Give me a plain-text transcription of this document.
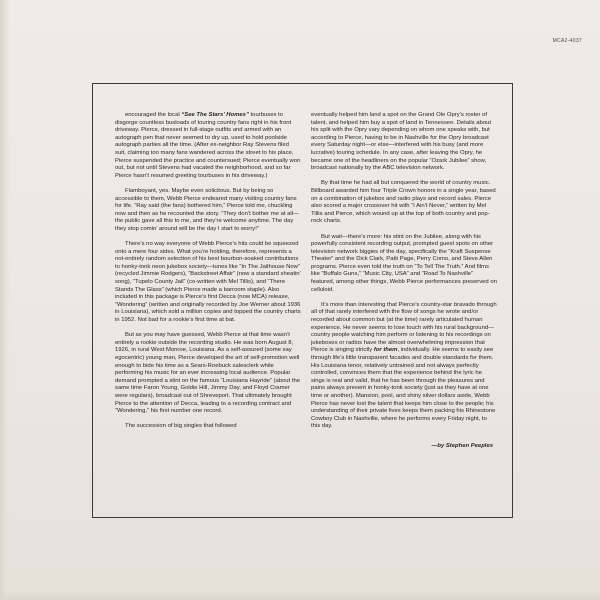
MCA2-4037

encouraged the local “See The Stars’ Homes” tourbuses to disgorge countless busloads of touring country fans right in his front driveway. Pierce, dressed in full-stage outfits and armed with an autograph pen that never seemed to dry up, used to hold poolside autograph parties all the time. (After ex-neighbor Ray Stevens filed suit, claiming too many fans wandered across the street to his place, Pierce suspended the practice and countersued; Pierce eventually won out, but not until Stevens had vacated the neighborhood, and so far Pierce hasn’t resumed greeting tourbuses in his driveway.)

Flamboyant, yes. Maybe even solicitous. But by being so accessible to them, Webb Pierce endeared many visiting country fans for life. “Ray said (the fans) bothered him,” Pierce told me, chuckling now and then as he recounted the story. “They don’t bother me at all—the public gave all this to me, and they’re welcome anytime. The day they stop comin’ around will be the day I start to worry!”

There’s no way everyone of Webb Pierce’s hits could be squeezed onto a mere four sides. What you’re holding, therefore, represents a not-entirely random selection of his best bourbon-soaked contributions to honky-tonk neon jukebox society—tunes like “In The Jailhouse Now” (recycled Jimmie Rodgers), “Backstreet Affair” (now a standard sheatin’ song), “Tupelo County Jail” (co-written with Mel Tillis), and “There Stands The Glass” (which Pierce made a barroom staple). Also included in this package is Pierce’s first Decca (now MCA) release, “Wondering” (written and originally recorded by Joe Werner about 1936 in Louisiana), which sold a million copies and topped the country charts in 1952. Not bad for a rookie’s first time at bat.

But as you may have guessed, Webb Pierce at that time wasn’t entirely a rookie outside the recording studio. He was born August 8, 1926, in rural West Monroe, Louisiana. As a self-assured (some say egocentric) young man, Pierce developed the art of self-promotion well enough to bide his time as a Sears-Roebuck salesclerk while performing his music for an ever increasing local audience. Popular demand prompted a stint on the famous “Louisiana Hayride” (about the same time Faron Young, Goldie Hill, Jimmy Day, and Floyd Cramer were regulars), broadcast out of Shreveport. That ultimately brought Pierce to the attention of Decca, leading to a recording contract and “Wondering,” his first number one record.

The succession of big singles that followed

eventually helped him land a spot on the Grand Ole Opry’s roster of talent, and helped him buy a spot of land in Tennessee. Details about his split with the Opry vary depending on whom one speaks with, but according to Pierce, having to be in Nashville for the Opry broadcast every Saturday night—or else—interfered with his busy (and more lucrative) touring schedule. In any case, after leaving the Opry, he became one of the headliners on the popular “Ozark Jubilee” show, broadcast nationally by the ABC television network.

By that time he had all but conquered the world of country music. Billboard awarded him four Triple Crown honors in a single year, based on a combination of jukebox and radio plays and record sales. Pierce also scored a major crossover hit with “I Ain’t Never,” written by Mel Tillis and Pierce, which wound up at the top of both country and pop-rock charts.

But wait—there’s more: his stint on the Jubilee, along with his powerfully consistent recording output, prompted guest spots on other television network biggies of the day, specifically the “Kraft Suspense Theater” and the Dick Clark, Patti Page, Perry Como, and Steve Allen programs. Pierce even told the truth on “To Tell The Truth.” And films like “Buffalo Guns,” “Music City, USA” and “Road To Nashville” featured, among other things, Webb Pierce performances preserved on celluloid.

It’s more than interesting that Pierce’s country-star bravado through all of that rarely interfered with the flow of songs he wrote and/or recorded about common but (at the time) rarely articulated human experience. He never seems to lose touch with his rural background—country people watching him perform or listening to his recordings on jukeboxes or radios have the almost overwhelming impression that Pierce is singing strictly for them, individually. He seems to easily see through life’s little transparent facades and double standards for them. His Louisiana tenor, relatively untrained and not always perfectly controlled, convinces them that the experience behind the lyric he sings is real and valid, that he has been through the pleasures and pains always present in honky-tonk society (just as they have at one time or another). Mansion, pool, and shiny silver dollars aside, Webb Pierce has never lost the talent that keeps him close to the people; his understanding of their private lives keeps them packing his Rhinestone Cowboy Club in Nashville, where he performs every Friday night, to this day.

—by Stephen Peeples
